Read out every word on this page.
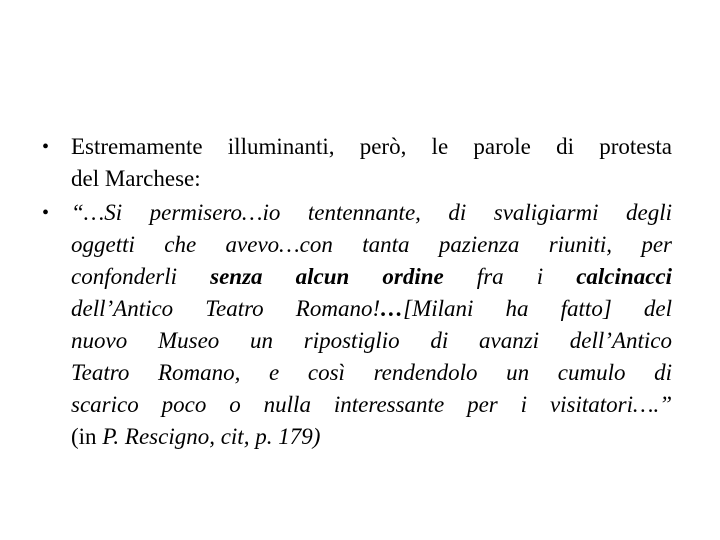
• Estremamente illuminanti, però, le parole di protesta
del Marchese:
• “…Si permisero…io tentennante, di svaligiarmi degli
oggetti che avevo…con tanta pazienza riuniti, per
confonderli senza alcun ordine fra i calcinacci
dell’Antico Teatro Romano!…[Milani ha fatto] del
nuovo Museo un ripostiglio di avanzi dell’Antico
Teatro Romano, e così rendendolo un cumulo di
scarico poco o nulla interessante per i visitatori….”
(in P. Rescigno, cit, p. 179)
